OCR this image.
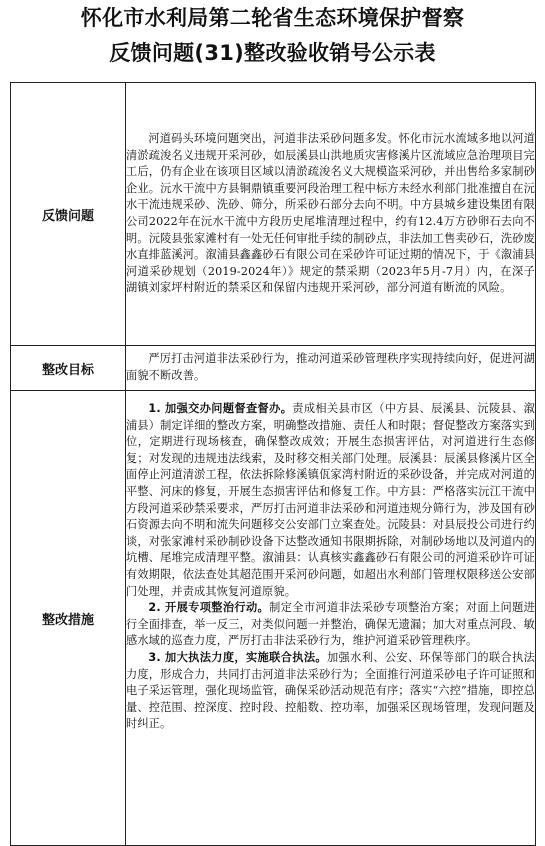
怀化市水利局第二轮省生态环境保护督察
反馈问题(31)整改验收销号公示表
反馈问题	河道码头环境问题突出，河道非法采砂问题多发。怀化市沅水流域多地以河道清淤疏浚名义违规开采河砂，如辰溪县山洪地质灾害修溪片区流域应急治理项目完工后，仍有企业在该项目区域以清淤疏浚名义大规模盗采河砂，并出售给多家制砂企业。沅水干流中方县铜鼎镇重要河段治理工程中标方未经水利部门批准擅自在沅水干流违规采砂、洗砂、筛分，所采砂石部分去向不明。中方县城乡建设集团有限公司2022年在沅水干流中方段历史尾堆清理过程中，约有12.4万方砂卵石去向不明。沅陵县张家滩村有一处无任何审批手续的制砂点，非法加工售卖砂石，洗砂废水直排蓝溪河。溆浦县鑫鑫砂石有限公司在采砂许可证过期的情况下，于《溆浦县河道采砂规划（2019-2024年）》规定的禁采期（2023年5月-7月）内，在深子湖镇刘家坪村附近的禁采区和保留内违规开采河砂，部分河道有断流的风险。

整改目标	严厉打击河道非法采砂行为，推动河道采砂管理秩序实现持续向好，促进河湖面貌不断改善。

整改措施	1. 加强交办问题督查督办。责成相关县市区（中方县、辰溪县、沅陵县、溆浦县）制定详细的整改方案，明确整改措施、责任人和时限；督促整改方案落实到位，定期进行现场核查，确保整改成效；开展生态损害评估，对河道进行生态修复；对发现的违规违法线索，及时移交相关部门处理。辰溪县：辰溪县修溪片区全面停止河道清淤工程，依法拆除修溪镇佤家湾村附近的采砂设备，并完成对河道的平整、河床的修复，开展生态损害评估和修复工作。中方县：严格落实沅江干流中方段河道采砂禁采要求，严厉打击河道非法采砂和河道违规分筛行为，涉及国有砂石资源去向不明和流失问题移交公安部门立案查处。沅陵县：对县辰投公司进行约谈，对张家滩村采砂制砂设备下达整改通知书限期拆除，对制砂场地以及河道内的坑槽、尾堆完成清理平整。溆浦县：认真核实鑫鑫砂石有限公司的河道采砂许可证有效期限，依法查处其超范围开采河砂问题，如超出水利部门管理权限移送公安部门处理，并责成其恢复河道原貌。

2. 开展专项整治行动。制定全市河道非法采砂专项整治方案；对面上问题进行全面排查，举一反三，对类似问题一并整治，确保无遗漏；加大对重点河段、敏感水域的巡查力度，严厉打击非法采砂行为，维护河道采砂管理秩序。

3. 加大执法力度，实施联合执法。加强水利、公安、环保等部门的联合执法力度，形成合力，共同打击河道非法采砂行为；全面推行河道采砂电子许可证照和电子采运管理，强化现场监管，确保采砂活动规范有序；落实“六控”措施，即控总量、控范围、控深度、控时段、控船数、控功率，加强采区现场管理，发现问题及时纠正。
